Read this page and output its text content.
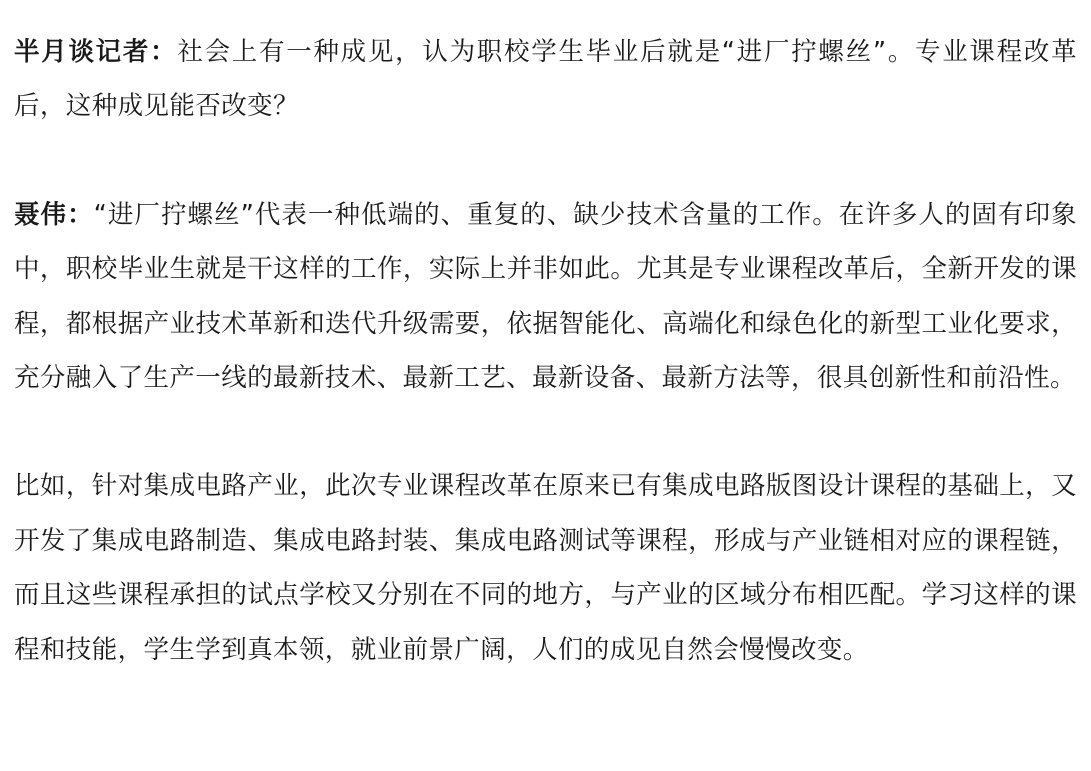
半月谈记者：社会上有一种成见，认为职校学生毕业后就是“进厂拧螺丝”。专业课程改革后，这种成见能否改变？

聂伟：“进厂拧螺丝”代表一种低端的、重复的、缺少技术含量的工作。在许多人的固有印象中，职校毕业生就是干这样的工作，实际上并非如此。尤其是专业课程改革后，全新开发的课程，都根据产业技术革新和迭代升级需要，依据智能化、高端化和绿色化的新型工业化要求，充分融入了生产一线的最新技术、最新工艺、最新设备、最新方法等，很具创新性和前沿性。

比如，针对集成电路产业，此次专业课程改革在原来已有集成电路版图设计课程的基础上，又开发了集成电路制造、集成电路封装、集成电路测试等课程，形成与产业链相对应的课程链，而且这些课程承担的试点学校又分别在不同的地方，与产业的区域分布相匹配。学习这样的课程和技能，学生学到真本领，就业前景广阔，人们的成见自然会慢慢改变。
